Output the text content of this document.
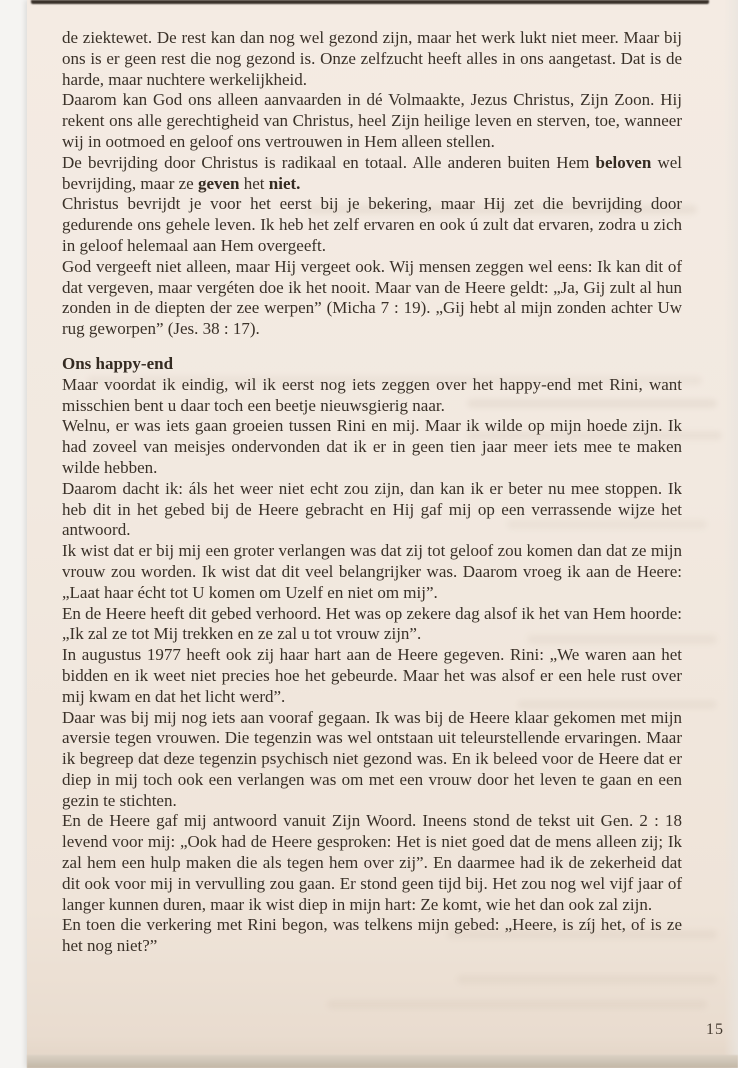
de ziektewet. De rest kan dan nog wel gezond zijn, maar het werk lukt niet meer. Maar bij ons is er geen rest die nog gezond is. Onze zelfzucht heeft alles in ons aangetast. Dat is de harde, maar nuchtere werkelijkheid.

Daarom kan God ons alleen aanvaarden in dé Volmaakte, Jezus Christus, Zijn Zoon. Hij rekent ons alle gerechtigheid van Christus, heel Zijn heilige leven en sterven, toe, wanneer wij in ootmoed en geloof ons vertrouwen in Hem alleen stellen.

De bevrijding door Christus is radikaal en totaal. Alle anderen buiten Hem beloven wel bevrijding, maar ze geven het niet.

Christus bevrijdt je voor het eerst bij je bekering, maar Hij zet die bevrijding door gedurende ons gehele leven. Ik heb het zelf ervaren en ook ú zult dat ervaren, zodra u zich in geloof helemaal aan Hem overgeeft.

God vergeeft niet alleen, maar Hij vergeet ook. Wij mensen zeggen wel eens: Ik kan dit of dat vergeven, maar vergéten doe ik het nooit. Maar van de Heere geldt: „Ja, Gij zult al hun zonden in de diepten der zee werpen” (Micha 7 : 19). „Gij hebt al mijn zonden achter Uw rug geworpen” (Jes. 38 : 17).

Ons happy-end

Maar voordat ik eindig, wil ik eerst nog iets zeggen over het happy-end met Rini, want misschien bent u daar toch een beetje nieuwsgierig naar.

Welnu, er was iets gaan groeien tussen Rini en mij. Maar ik wilde op mijn hoede zijn. Ik had zoveel van meisjes ondervonden dat ik er in geen tien jaar meer iets mee te maken wilde hebben.

Daarom dacht ik: áls het weer niet echt zou zijn, dan kan ik er beter nu mee stoppen. Ik heb dit in het gebed bij de Heere gebracht en Hij gaf mij op een verrassende wijze het antwoord.

Ik wist dat er bij mij een groter verlangen was dat zij tot geloof zou komen dan dat ze mijn vrouw zou worden. Ik wist dat dit veel belangrijker was. Daarom vroeg ik aan de Heere: „Laat haar écht tot U komen om Uzelf en niet om mij”.

En de Heere heeft dit gebed verhoord. Het was op zekere dag alsof ik het van Hem hoorde: „Ik zal ze tot Mij trekken en ze zal u tot vrouw zijn”.

In augustus 1977 heeft ook zij haar hart aan de Heere gegeven. Rini: „We waren aan het bidden en ik weet niet precies hoe het gebeurde. Maar het was alsof er een hele rust over mij kwam en dat het licht werd”.

Daar was bij mij nog iets aan vooraf gegaan. Ik was bij de Heere klaar gekomen met mijn aversie tegen vrouwen. Die tegenzin was wel ontstaan uit teleurstellende ervaringen. Maar ik begreep dat deze tegenzin psychisch niet gezond was. En ik beleed voor de Heere dat er diep in mij toch ook een verlangen was om met een vrouw door het leven te gaan en een gezin te stichten.

En de Heere gaf mij antwoord vanuit Zijn Woord. Ineens stond de tekst uit Gen. 2 : 18 levend voor mij: „Ook had de Heere gesproken: Het is niet goed dat de mens alleen zij; Ik zal hem een hulp maken die als tegen hem over zij”. En daarmee had ik de zekerheid dat dit ook voor mij in vervulling zou gaan. Er stond geen tijd bij. Het zou nog wel vijf jaar of langer kunnen duren, maar ik wist diep in mijn hart: Ze komt, wie het dan ook zal zijn.

En toen die verkering met Rini begon, was telkens mijn gebed: „Heere, is zíj het, of is ze het nog niet?”

15
